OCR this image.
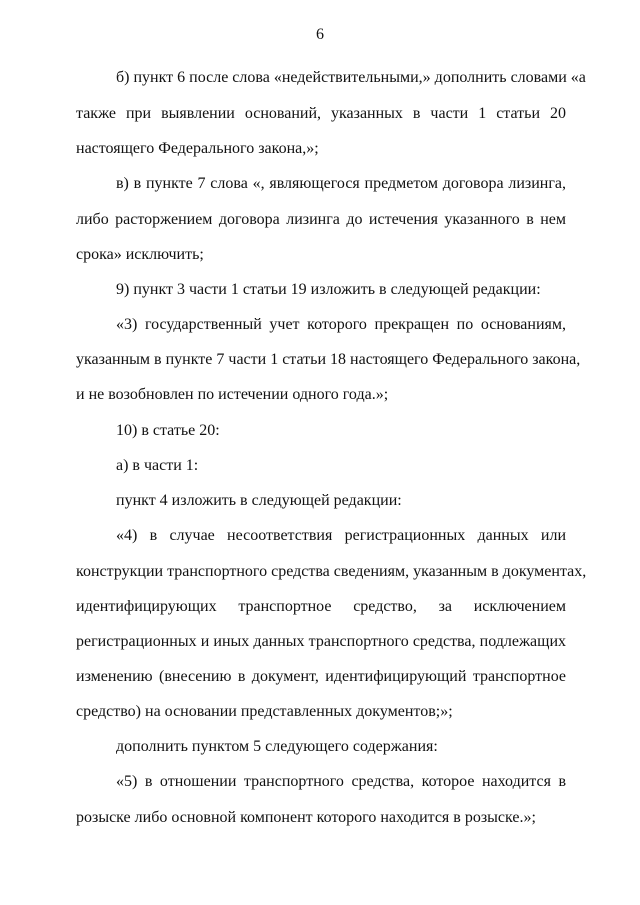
6
б) пункт 6 после слова «недействительными,» дополнить словами «а
также при выявлении оснований, указанных в части 1 статьи 20
настоящего Федерального закона,»;
в) в пункте 7 слова «, являющегося предметом договора лизинга,
либо расторжением договора лизинга до истечения указанного в нем
срока» исключить;
9) пункт 3 части 1 статьи 19 изложить в следующей редакции:
«3) государственный учет которого прекращен по основаниям,
указанным в пункте 7 части 1 статьи 18 настоящего Федерального закона,
и не возобновлен по истечении одного года.»;
10) в статье 20:
а) в части 1:
пункт 4 изложить в следующей редакции:
«4) в случае несоответствия регистрационных данных или
конструкции транспортного средства сведениям, указанным в документах,
идентифицирующих транспортное средство, за исключением
регистрационных и иных данных транспортного средства, подлежащих
изменению (внесению в документ, идентифицирующий транспортное
средство) на основании представленных документов;»;
дополнить пунктом 5 следующего содержания:
«5) в отношении транспортного средства, которое находится в
розыске либо основной компонент которого находится в розыске.»;
